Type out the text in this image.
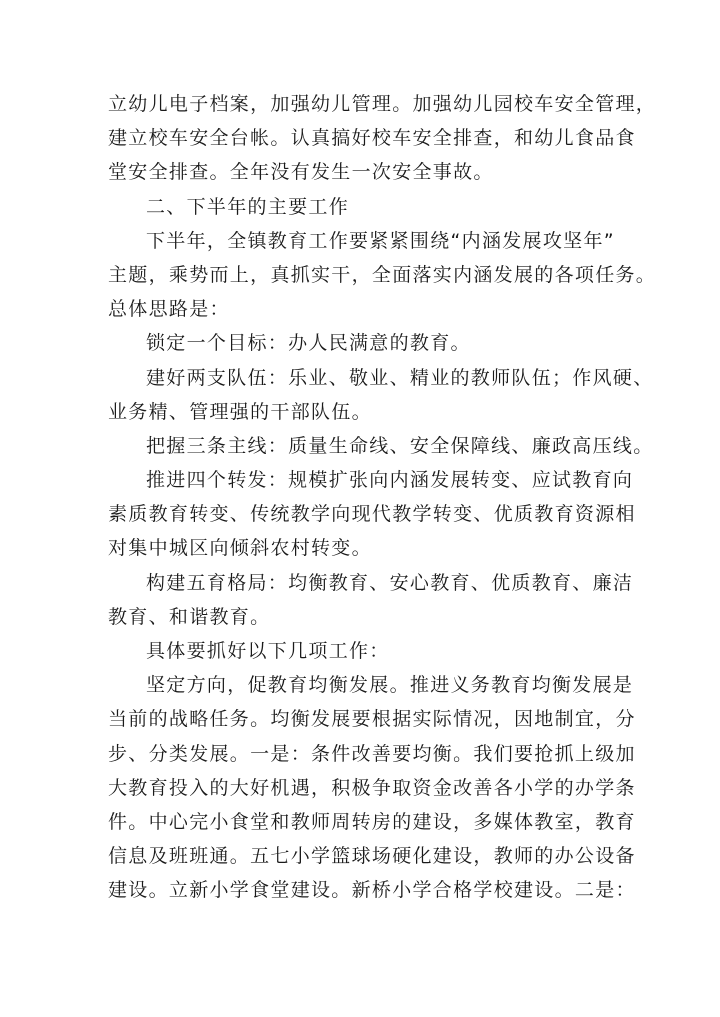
立幼儿电子档案，加强幼儿管理。加强幼儿园校车安全管理，
建立校车安全台帐。认真搞好校车安全排查，和幼儿食品食
堂安全排查。全年没有发生一次安全事故。
二、下半年的主要工作
下半年，全镇教育工作要紧紧围绕“内涵发展攻坚年”
主题，乘势而上，真抓实干，全面落实内涵发展的各项任务。
总体思路是：
锁定一个目标：办人民满意的教育。
建好两支队伍：乐业、敬业、精业的教师队伍；作风硬、
业务精、管理强的干部队伍。
把握三条主线：质量生命线、安全保障线、廉政高压线。
推进四个转发：规模扩张向内涵发展转变、应试教育向
素质教育转变、传统教学向现代教学转变、优质教育资源相
对集中城区向倾斜农村转变。
构建五育格局：均衡教育、安心教育、优质教育、廉洁
教育、和谐教育。
具体要抓好以下几项工作：
坚定方向，促教育均衡发展。推进义务教育均衡发展是
当前的战略任务。均衡发展要根据实际情况，因地制宜，分
步、分类发展。一是：条件改善要均衡。我们要抢抓上级加
大教育投入的大好机遇，积极争取资金改善各小学的办学条
件。中心完小食堂和教师周转房的建设，多媒体教室，教育
信息及班班通。五七小学篮球场硬化建设，教师的办公设备
建设。立新小学食堂建设。新桥小学合格学校建设。二是：
